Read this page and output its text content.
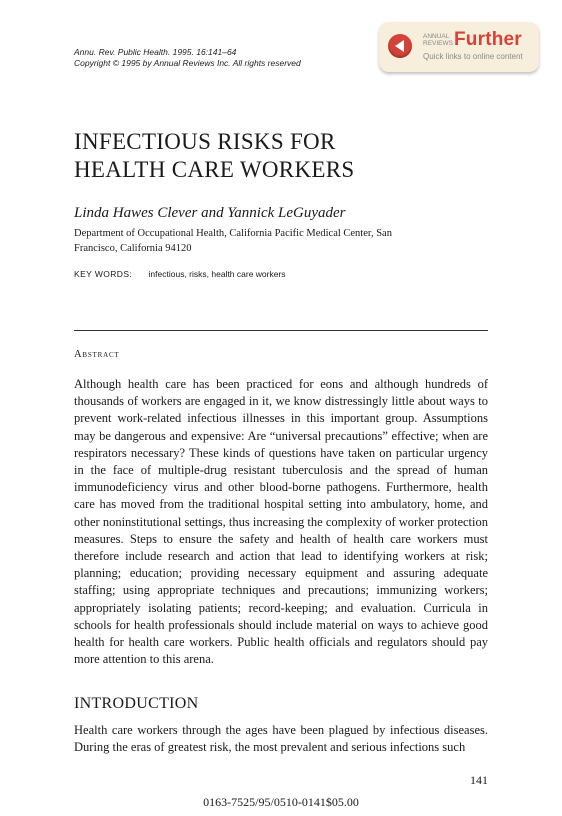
Annu. Rev. Public Health. 1995. 16:141–64
Copyright © 1995 by Annual Reviews Inc. All rights reserved
ANNUAL
REVIEWS Further
Quick links to online content
INFECTIOUS RISKS FOR
HEALTH CARE WORKERS
Linda Hawes Clever and Yannick LeGuyader
Department of Occupational Health, California Pacific Medical Center, San Francisco, California 94120
KEY WORDS: infectious, risks, health care workers
Abstract
Although health care has been practiced for eons and although hundreds of thousands of workers are engaged in it, we know distressingly little about ways to prevent work-related infectious illnesses in this important group. Assumptions may be dangerous and expensive: Are “universal precautions” effective; when are respirators necessary? These kinds of questions have taken on particular urgency in the face of multiple-drug resistant tuberculosis and the spread of human immunodeficiency virus and other blood-borne pathogens. Furthermore, health care has moved from the traditional hospital setting into ambulatory, home, and other noninstitutional settings, thus increasing the complexity of worker protection measures. Steps to ensure the safety and health of health care workers must therefore include research and action that lead to identifying workers at risk; planning; education; providing necessary equipment and assuring adequate staffing; using appropriate techniques and precautions; immunizing workers; appropriately isolating patients; record-keeping; and evaluation. Curricula in schools for health professionals should include material on ways to achieve good health for health care workers. Public health officials and regulators should pay more attention to this arena.
INTRODUCTION
Health care workers through the ages have been plagued by infectious diseases. During the eras of greatest risk, the most prevalent and serious infections such
141
0163-7525/95/0510-0141$05.00
